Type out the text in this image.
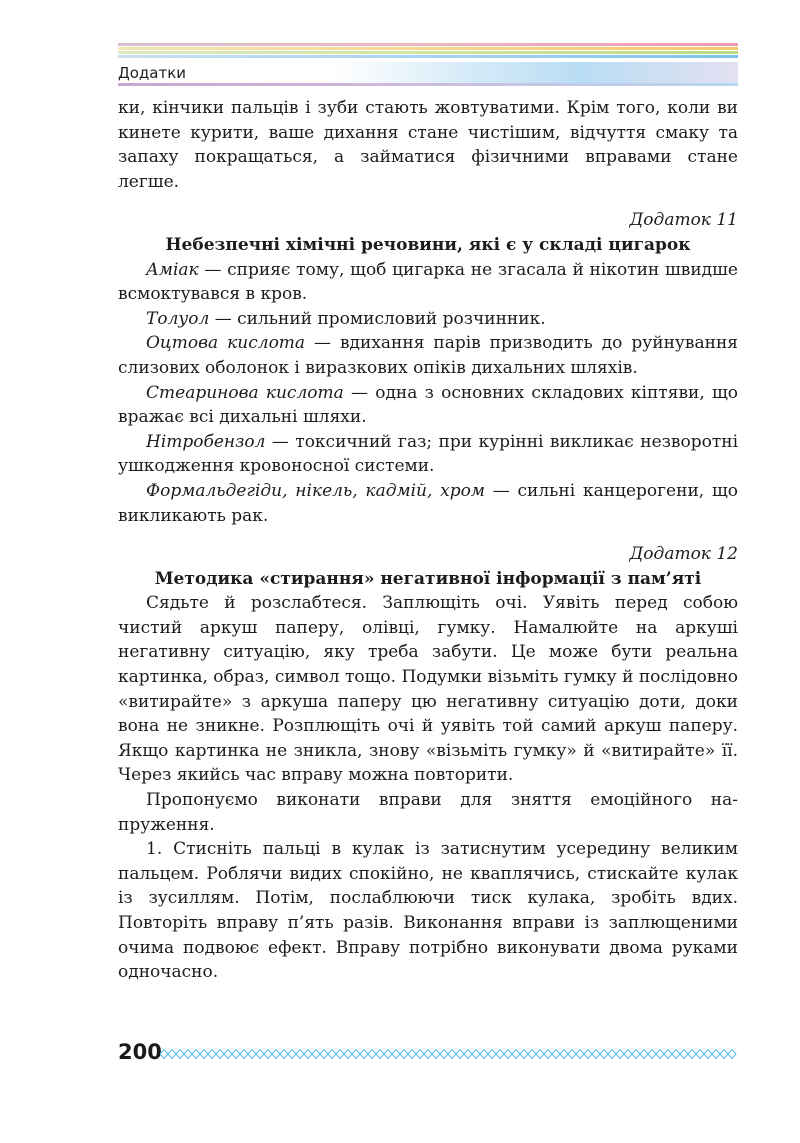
Додатки

ки, кінчики пальців і зуби стають жовтуватими. Крім того, коли ви кинете курити, ваше дихання стане чистішим, відчуття смаку та запаху покращаться, а займатися фізичними вправами стане легше.

Додаток 11

Небезпечні хімічні речовини, які є у складі цигарок

Аміак — сприяє тому, щоб цигарка не згасала й нікотин швидше всмоктувався в кров.

Толуол — сильний промисловий розчинник.

Оцтова кислота — вдихання парів призводить до руйнування слизових оболонок і виразкових опіків дихальних шляхів.

Стеаринова кислота — одна з основних складових кіптяви, що вражає всі дихальні шляхи.

Нітробензол — токсичний газ; при курінні викликає незворотні ушкодження кровоносної системи.

Формальдегіди, нікель, кадмій, хром — сильні канцерогени, що викликають рак.

Додаток 12

Методика «стирання» негативної інформації з пам’яті

Сядьте й розслабтеся. Заплющіть очі. Уявіть перед собою чистий аркуш паперу, олівці, гумку. Намалюйте на аркуші негативну ситуацію, яку треба забути. Це може бути реальна картинка, образ, символ тощо. Подумки візьміть гумку й послідовно «витирайте» з аркуша паперу цю негативну ситуацію доти, доки вона не зникне. Розплющіть очі й уявіть той самий аркуш паперу. Якщо картинка не зникла, знову «візьміть гумку» й «витирайте» її. Через якийсь час вправу можна повторити.

Пропонуємо виконати вправи для зняття емоційного напруження.

1. Стисніть пальці в кулак із затиснутим усередину великим пальцем. Роблячи видих спокійно, не кваплячись, стискайте кулак із зусиллям. Потім, послаблюючи тиск кулака, зробіть вдих. Повторіть вправу п’ять разів. Виконання вправи із заплющеними очима подвоює ефект. Вправу потрібно виконувати двома руками одночасно.

200
